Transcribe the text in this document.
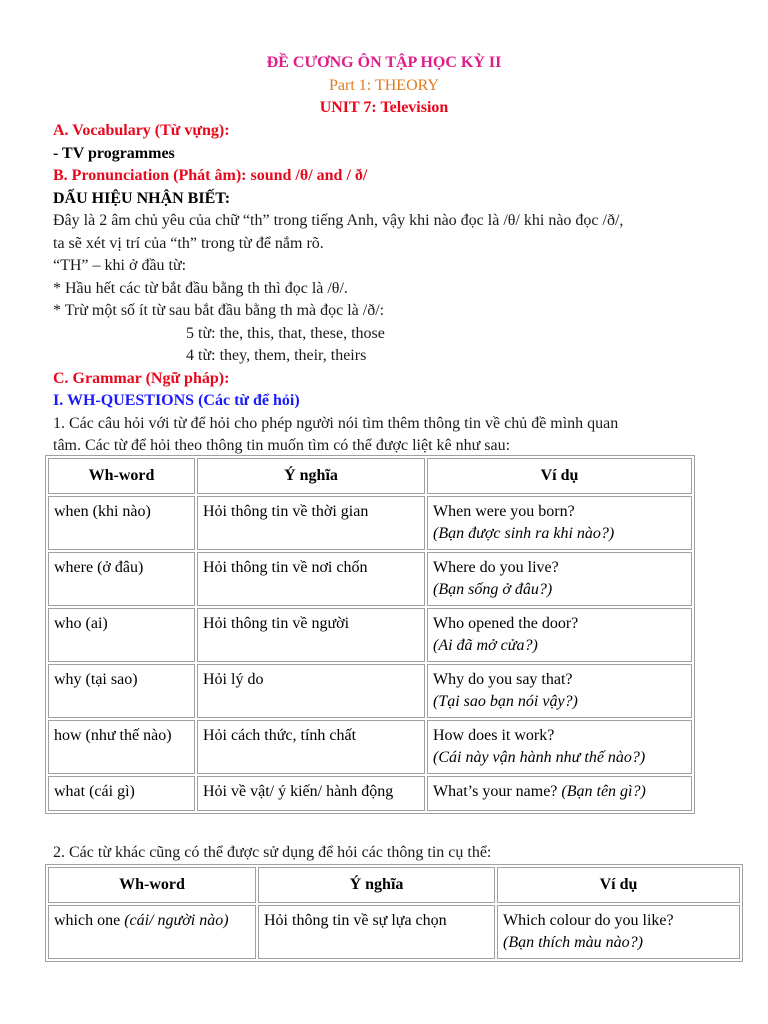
ĐỀ CƯƠNG ÔN TẬP HỌC KỲ II
Part 1: THEORY
UNIT 7: Television
A. Vocabulary (Từ vựng):
- TV programmes
B. Pronunciation (Phát âm): sound /θ/ and / ð/
DẤU HIỆU NHẬN BIẾT:
Đây là 2 âm chủ yêu của chữ “th” trong tiếng Anh, vậy khi nào đọc là /θ/ khi nào đọc /ð/,
ta sẽ xét vị trí của “th” trong từ để nắm rõ.
“TH” – khi ở đầu từ:
* Hầu hết các từ bắt đầu bằng th thì đọc là /θ/.
* Trừ một số ít từ sau bắt đầu bằng th mà đọc là /ð/:
5 từ: the, this, that, these, those
4 từ: they, them, their, theirs
C. Grammar (Ngữ pháp):
I. WH-QUESTIONS (Các từ để hỏi)
1. Các câu hỏi với từ để hỏi cho phép người nói tìm thêm thông tin về chủ đề mình quan
tâm. Các từ để hỏi theo thông tin muốn tìm có thể được liệt kê như sau:
Wh-word	Ý nghĩa	Ví dụ
when (khi nào)	Hỏi thông tin về thời gian	When were you born?
(Bạn được sinh ra khi nào?)
where (ở đâu)	Hỏi thông tin về nơi chốn	Where do you live?
(Bạn sống ở đâu?)
who (ai)	Hỏi thông tin về người	Who opened the door?
(Ai đã mở cửa?)
why (tại sao)	Hỏi lý do	Why do you say that?
(Tại sao bạn nói vậy?)
how (như thế nào)	Hỏi cách thức, tính chất	How does it work?
(Cái này vận hành như thế nào?)
what (cái gì)	Hỏi về vật/ ý kiến/ hành động	What’s your name? (Bạn tên gì?)
2. Các từ khác cũng có thể được sử dụng để hỏi các thông tin cụ thể:
Wh-word	Ý nghĩa	Ví dụ
which one (cái/ người nào)	Hỏi thông tin về sự lựa chọn	Which colour do you like?
(Bạn thích màu nào?)
